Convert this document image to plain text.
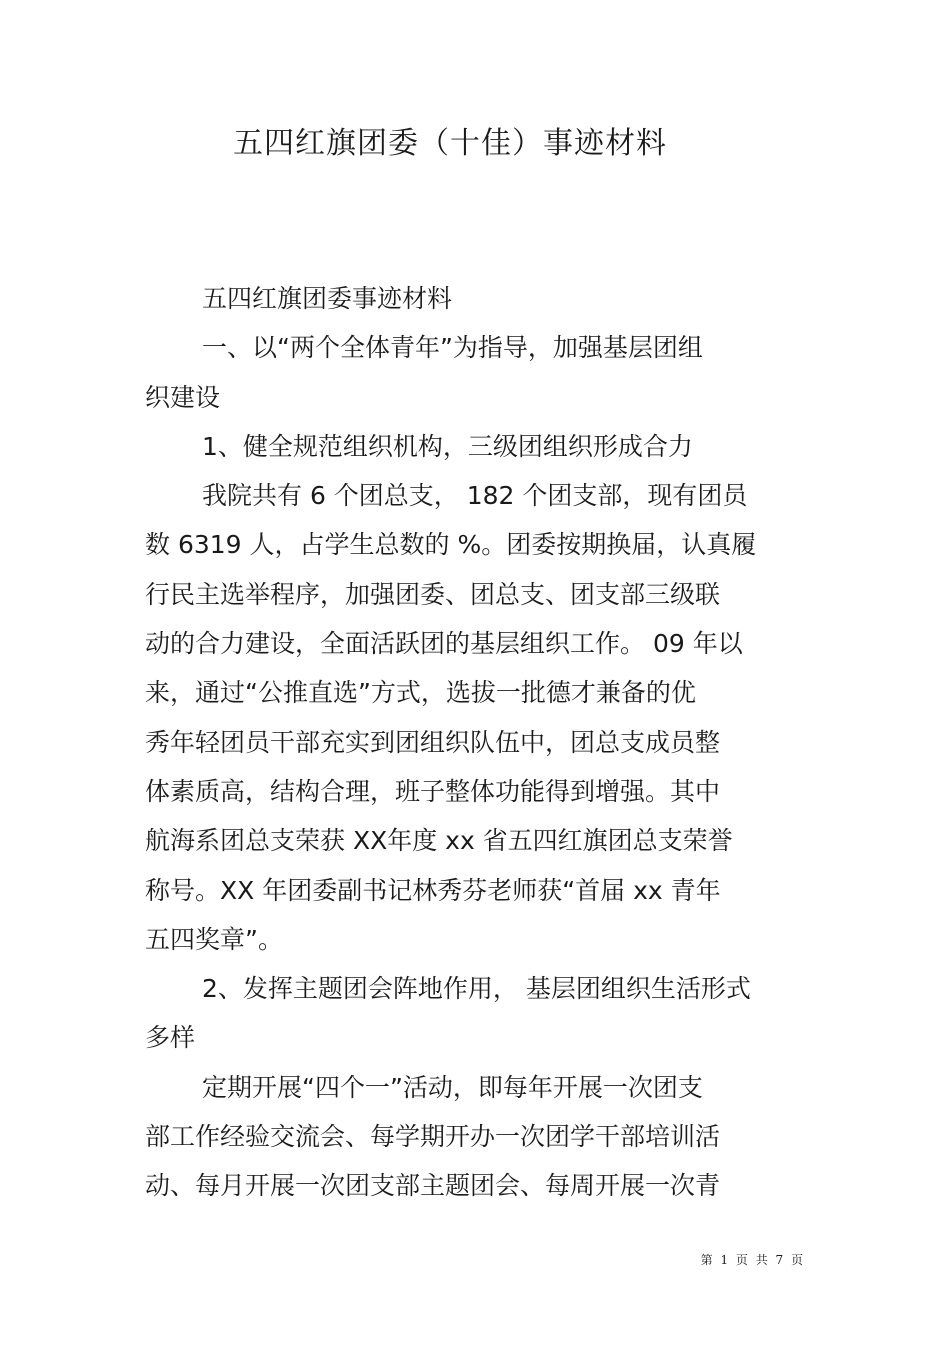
五四红旗团委（十佳）事迹材料
五四红旗团委事迹材料
一、以“两个全体青年”为指导，加强基层团组
织建设
1、健全规范组织机构，三级团组织形成合力
我院共有 6 个团总支， 182 个团支部，现有团员
数 6319 人，占学生总数的 %。团委按期换届，认真履
行民主选举程序，加强团委、团总支、团支部三级联
动的合力建设，全面活跃团的基层组织工作。 09 年以
来，通过“公推直选”方式，选拔一批德才兼备的优
秀年轻团员干部充实到团组织队伍中，团总支成员整
体素质高，结构合理，班子整体功能得到增强。其中
航海系团总支荣获 XX年度 xx 省五四红旗团总支荣誉
称号。XX 年团委副书记林秀芬老师获“首届 xx 青年
五四奖章”。
2、发挥主题团会阵地作用， 基层团组织生活形式
多样
定期开展“四个一”活动，即每年开展一次团支
部工作经验交流会、每学期开办一次团学干部培训活
动、每月开展一次团支部主题团会、每周开展一次青
第 1 页 共 7 页
